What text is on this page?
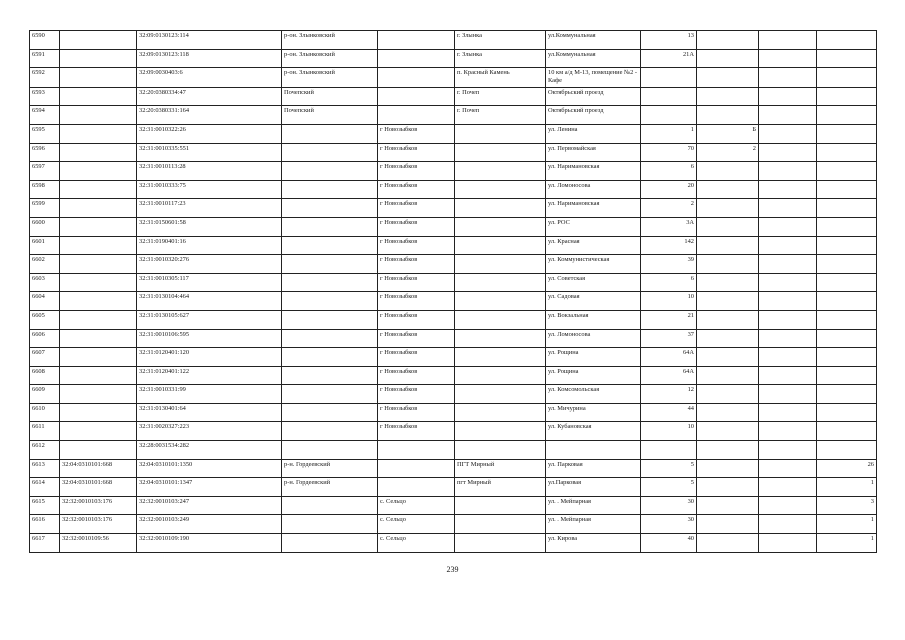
6590		32:09:0130123:114	р-он. Злынковский		г. Злынка	ул.Коммунальная	13			
6591		32:09:0130123:118	р-он. Злынковский		г. Злынка	ул.Коммунальная	21А			
6592		32:09:0030403:6	р-он. Злынковский		п. Красный Камень	10 км а/д М-13, помещение №2 - Кафе				
6593		32:20:0380334:47	Почепский		г. Почеп	Октябрьский проезд				
6594		32:20:0380331:164	Почепский		г. Почеп	Октябрьский проезд				
6595		32:31:0010322:26		г Новозыбков		ул. Ленина	1	Б		
6596		32:31:0010335:551		г Новозыбков		ул. Первомайская	70	2		
6597		32:31:0010113:28		г Новозыбков		ул. Наримановская	6			
6598		32:31:0010333:75		г Новозыбков		ул. Ломоносова	20			
6599		32:31:0010117:23		г Новозыбков		ул. Наримановская	2			
6600		32:31:0150601:58		г Новозыбков		ул. РОС	3А			
6601		32:31:0190401:16		г Новозыбков		ул. Красная	142			
6602		32:31:0010320:276		г Новозыбков		ул. Коммунистическая	39			
6603		32:31:0010305:117		г Новозыбков		ул. Советская	6			
6604		32:31:0130104:464		г Новозыбков		ул. Садовая	10			
6605		32:31:0130105:627		г Новозыбков		ул. Вокзальная	21			
6606		32:31:0010106:595		г Новозыбков		ул. Ломоносова	37			
6607		32:31:0120401:120		г Новозыбков		ул. Рощина	64А			
6608		32:31:0120401:122		г Новозыбков		ул. Рощина	64А			
6609		32:31:0010331:99		г Новозыбков		ул. Комсомольская	12			
6610		32:31:0130401:64		г Новозыбков		ул. Мичурина	44			
6611		32:31:0020327:223		г Новозыбков		ул. Кубановская	10			
6612		32:28:0031534:282								
6613	32:04:0310101:668	32:04:0310101:1350	р-н. Гордеевский		ПГТ Мирный	ул. Парковая	5			26
6614	32:04:0310101:668	32:04:0310101:1347	р-н. Гордеевский		пгт Мирный	ул.Парковая	5			1
6615	32:32:0010103:176	32:32:0010103:247		с. Сельцо		ул. . Мейпарная	30			3
6616	32:32:0010103:176	32:32:0010103:249		с. Сельцо		ул. . Мейпарная	30			1
6617	32:32:0010109:56	32:32:0010109:190		с. Сельцо		ул. Кирова	40			1
239
